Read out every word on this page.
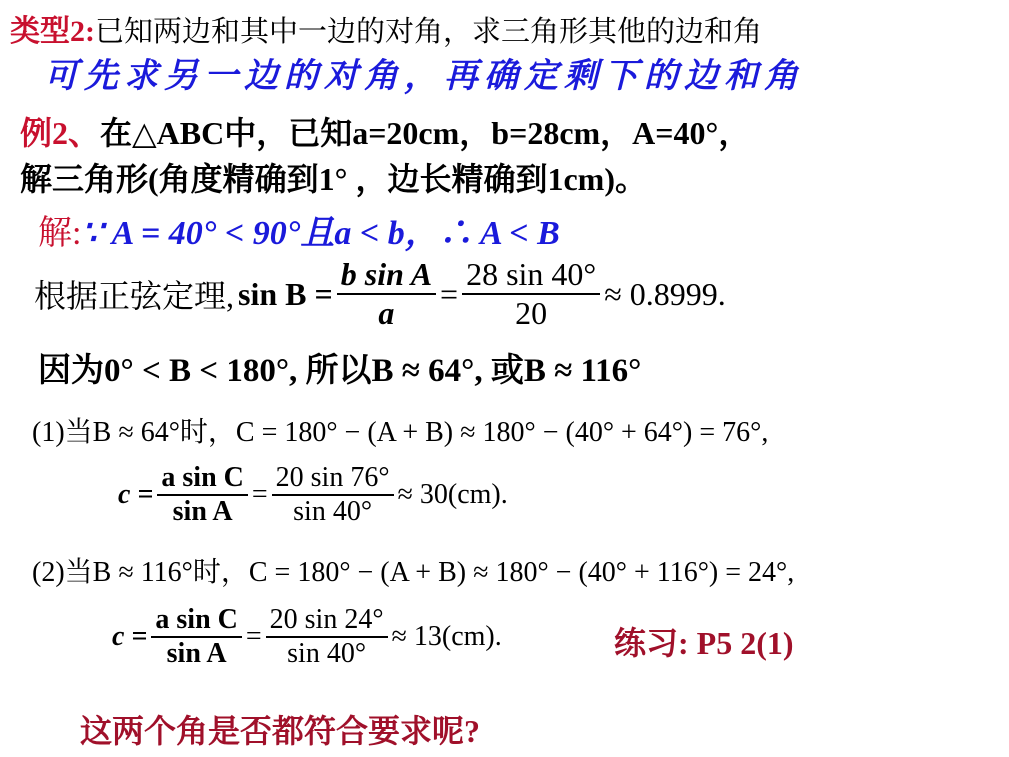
类型2:已知两边和其中一边的对角，求三角形其他的边和角
可先求另一边的对角，再确定剩下的边和角
例2、在△ABC中，已知a=20cm，b=28cm，A=40°，
解三角形(角度精确到1° ，边长精确到1cm)。
解:∵ A = 40° < 90°且a < b，∴ A < B
根据正弦定理, $\sin B = \frac{\text{b sin A}}{a} = \frac{28 \sin 40^\circ}{20} \approx 0.8999$.
因为0° < B < 180°, 所以B ≈ 64°, 或B ≈ 116°
(1)当B ≈ 64°时，C = 180° − (A + B) ≈ 180° − (40° + 64°) = 76°,
$c = \frac{\text{a sin C}}{\text{sin A}} = \frac{20 \sin 76^\circ}{\sin 40^\circ} \approx 30(cm)$.
(2)当B ≈ 116°时，C = 180° − (A + B) ≈ 180° − (40° + 116°) = 24°,
$c = \frac{\text{a sin C}}{\text{sin A}} = \frac{20 \sin 24^\circ}{\sin 40^\circ} \approx 13(cm)$.	练习: P5 2(1)
这两个角是否都符合要求呢?
